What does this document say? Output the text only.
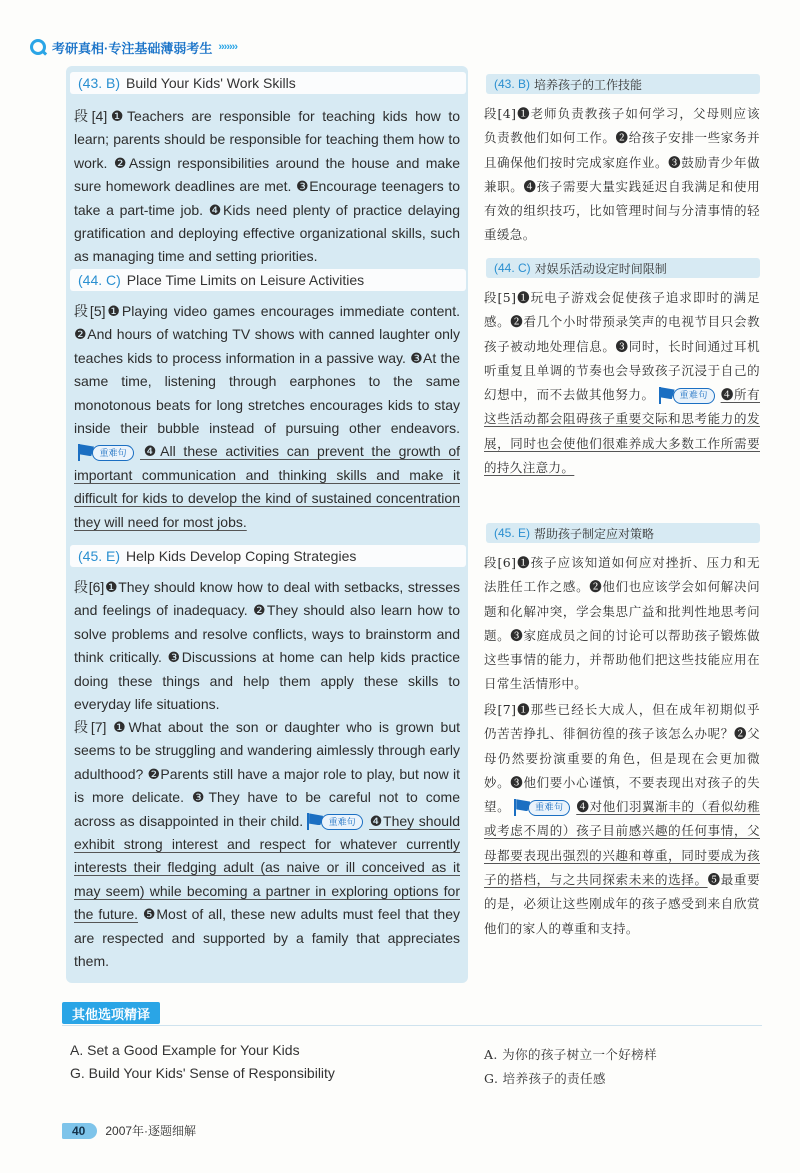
考研真相·专注基础薄弱考生 ›››››››
(43. B) Build Your Kids' Work Skills

段[4]❶Teachers are responsible for teaching kids how to learn; parents should be responsible for teaching them how to work. ❷Assign responsibilities around the house and make sure homework deadlines are met. ❸Encourage teenagers to take a part-time job. ❹Kids need plenty of practice delaying gratification and deploying effective organizational skills, such as managing time and setting priorities.

(44. C) Place Time Limits on Leisure Activities

段[5]❶Playing video games encourages immediate content. ❷And hours of watching TV shows with canned laughter only teaches kids to process information in a passive way. ❸At the same time, listening through earphones to the same monotonous beats for long stretches encourages kids to stay inside their bubble instead of pursuing other endeavors.
重难句 ❹All these activities can prevent the growth of important communication and thinking skills and make it difficult for kids to develop the kind of sustained concentration they will need for most jobs.

(45. E) Help Kids Develop Coping Strategies

段[6]❶They should know how to deal with setbacks, stresses and feelings of inadequacy. ❷They should also learn how to solve problems and resolve conflicts, ways to brainstorm and think critically. ❸Discussions at home can help kids practice doing these things and help them apply these skills to everyday life situations.

段[7] ❶What about the son or daughter who is grown but seems to be struggling and wandering aimlessly through early adulthood? ❷Parents still have a major role to play, but now it is more delicate. ❸They have to be careful not to come across as disappointed in their child.	重难句 ❹They should exhibit strong interest and respect for whatever currently interests their fledging adult (as naive or ill conceived as it may seem) while becoming a partner in exploring options for the future. ❺Most of all, these new adults must feel that they are respected and supported by a family that appreciates them.

(43. B) 培养孩子的工作技能

段[4]❶老师负责教孩子如何学习，父母则应该负责教他们如何工作。❷给孩子安排一些家务并且确保他们按时完成家庭作业。❸鼓励青少年做兼职。❹孩子需要大量实践延迟自我满足和使用有效的组织技巧，比如管理时间与分清事情的轻重缓急。

(44. C) 对娱乐活动设定时间限制

段[5]❶玩电子游戏会促使孩子追求即时的满足感。❷看几个小时带预录笑声的电视节目只会教孩子被动地处理信息。❸同时，长时间通过耳机听重复且单调的节奏也会导致孩子沉浸于自己的幻想中，而不去做其他努力。	重难句	❹所有这些活动都会阻碍孩子重要交际和思考能力的发展，同时也会使他们很难养成大多数工作所需要的持久注意力。

(45. E) 帮助孩子制定应对策略

段[6]❶孩子应该知道如何应对挫折、压力和无法胜任工作之感。❷他们也应该学会如何解决问题和化解冲突，学会集思广益和批判性地思考问题。❸家庭成员之间的讨论可以帮助孩子锻炼做这些事情的能力，并帮助他们把这些技能应用在日常生活情形中。

段[7]❶那些已经长大成人，但在成年初期似乎仍苦苦挣扎、徘徊彷徨的孩子该怎么办呢？❷父母仍然要扮演重要的角色，但是现在会更加微妙。❸他们要小心谨慎，不要表现出对孩子的失望。	重难句	❹对他们羽翼渐丰的（看似幼稚或考虑不周的）孩子目前感兴趣的任何事情，父母都要表现出强烈的兴趣和尊重，同时要成为孩子的搭档，与之共同探索未来的选择。❺最重要的是，必须让这些刚成年的孩子感受到来自欣赏他们的家人的尊重和支持。

其他选项精译
A. Set a Good Example for Your Kids
G. Build Your Kids' Sense of Responsibility
A. 为你的孩子树立一个好榜样
G. 培养孩子的责任感
40	2007年·逐题细解
